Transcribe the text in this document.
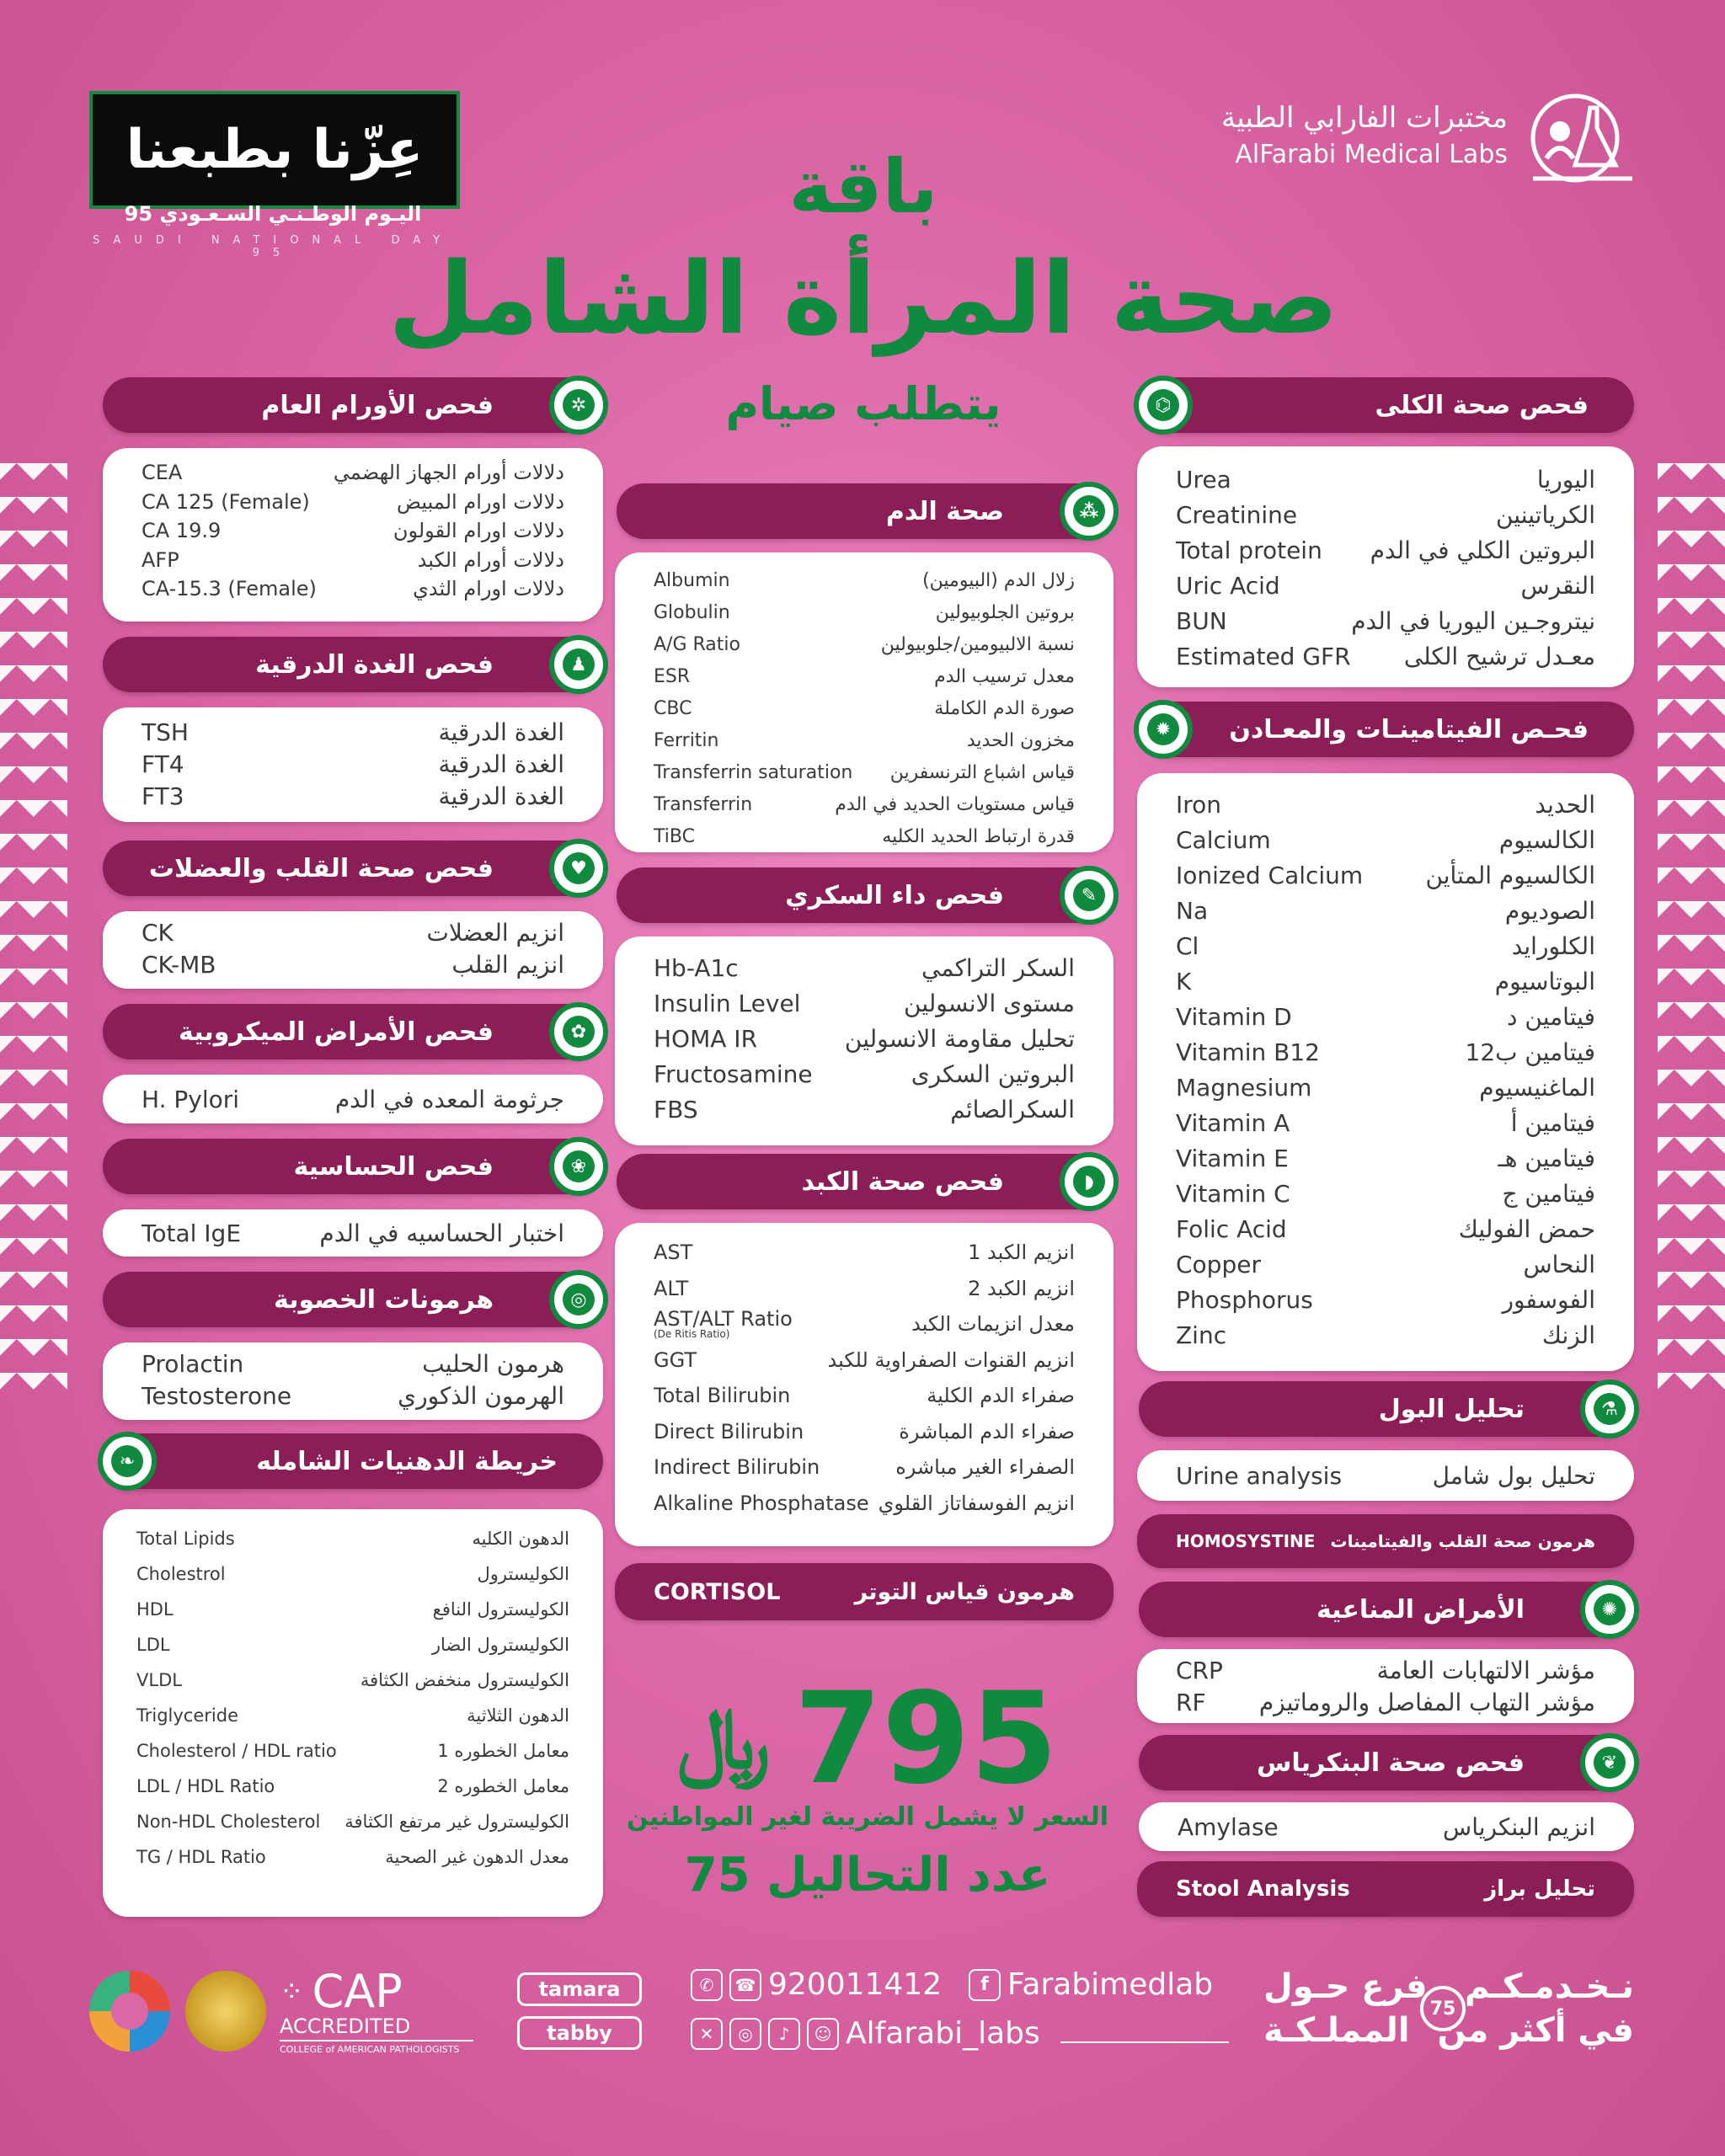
عِزّنا بطبعنا
اليـوم الوطـنـي السـعـودي 95
SAUDI NATIONAL DAY 95
مختبرات الفارابي الطبية
AlFarabi Medical Labs
باقة
صحة المرأة الشامل
يتطلب صيام	فحص صحة الكلى
⌬
Urea	اليوريا
Creatinine	الكرياتينين
Total protein البروتين الكلي في الدم
Uric Acid	النقرس
BUN	نيتروجـين اليوريا في الدم
Estimated GFR معـدل ترشيح الكلى
فحـص الفيتامينـات والمعـادن
✹
Iron	الحديد
Calcium	الكالسيوم
Ionized Calcium	الكالسيوم المتأين
Na	الصوديوم
Cl	الكلورايد
K	البوتاسيوم
Vitamin D	فيتامين د
Vitamin B12	فيتامين ب12
Magnesium	الماغنيسيوم
Vitamin A	فيتامين أ
Vitamin E	فيتامين هـ
Vitamin C	فيتامين ج
Folic Acid	حمض الفوليك
Copper	النحاس
Phosphorus	الفوسفور
Zinc	الزنك
تحليل البول	⚗
Urine analysis	تحليل بول شامل
HOMOSYSTINE هرمون صحة القلب والفيتامينات
الأمراض المناعية	✺
CRP	مؤشر الالتهابات العامة
RF مؤشر التهاب المفاصل والروماتيزم
فحص صحة البنكرياس	❦
Amylase	انزيم البنكرياس
Stool Analysis	تحليل براز
صحة الدم	⁂
Albumin	زلال الدم (البيومين)
Globulin	بروتين الجلوبيولين
A/G Ratio	نسبة الالبيومين/جلوبيولين
ESR	معدل ترسيب الدم
CBC	صورة الدم الكاملة
Ferritin	مخزون الحديد
Transferrin saturation قياس اشباع الترنسفرين
Transferrin	قياس مستويات الحديد في الدم
TiBC	قدرة ارتباط الحديد الكليه
فحص داء السكري	✎
Hb-A1c	السكر التراكمي
Insulin Level	مستوى الانسولين
HOMA IR	تحليل مقاومة الانسولين
Fructosamine	البروتين السكرى
FBS	السكرالصائم
فحص صحة الكبد	◗
AST	انزيم الكبد 1
ALT	انزيم الكبد 2
AST/ALT Ratio
(De Ritis Ratio)	معدل انزيمات الكبد
GGT	انزيم القنوات الصفراوية للكبد
Total Bilirubin	صفراء الدم الكلية
Direct Bilirubin	صفراء الدم المباشرة
Indirect Bilirubin	الصفراء الغير مباشره
Alkaline Phosphatase انزيم الفوسفاتاز القلوي
CORTISOL	هرمون قياس التوتر
﷼ 795
السعر لا يشمل الضريبة لغير المواطنين
عدد التحاليل 75
فحص الأورام العام	✲
CEA	دلالات أورام الجهاز الهضمي
CA 125 (Female)	دلالات اورام المبيض
CA 19.9	دلالات اورام القولون
AFP	دلالات أورام الكبد
CA-15.3 (Female)	دلالات اورام الثدي
فحص الغدة الدرقية	♟
TSH	الغدة الدرقية
FT4	الغدة الدرقية
FT3	الغدة الدرقية
فحص صحة القلب والعضلات	♥
CK	انزيم العضلات
CK-MB	انزيم القلب
فحص الأمراض الميكروبية	✿
H. Pylori	جرثومة المعده في الدم
فحص الحساسية	❀
Total IgE	اختبار الحساسيه في الدم
هرمونات الخصوبة	◎
Prolactin	هرمون الحليب
Testosterone	الهرمون الذكوري
خريطة الدهنيات الشامله
❧
Total Lipids	الدهون الكليه
Cholestrol	الكوليسترول
HDL	الكوليسترول النافع
LDL	الكوليسترول الضار
VLDL	الكوليسترول منخفض الكثافة
Triglyceride	الدهون الثلاثية
Cholesterol / HDL ratio	معامل الخطوره 1
LDL / HDL Ratio	معامل الخطوره 2
Non-HDL Cholesterol الكوليسترول غير مرتفع الكثافة
TG / HDL Ratio	معدل الدهون غير الصحية
⁘ CAP
ACCREDITED
COLLEGE of AMERICAN PATHOLOGISTS
tamara
tabby
✆	☎ 920011412	f Farabimedlab
✕	◎	♪	☺ Alfarabi_labs
نـخـدمـكـم
في أكثر من
75
فرع حـول
المملـكـة
